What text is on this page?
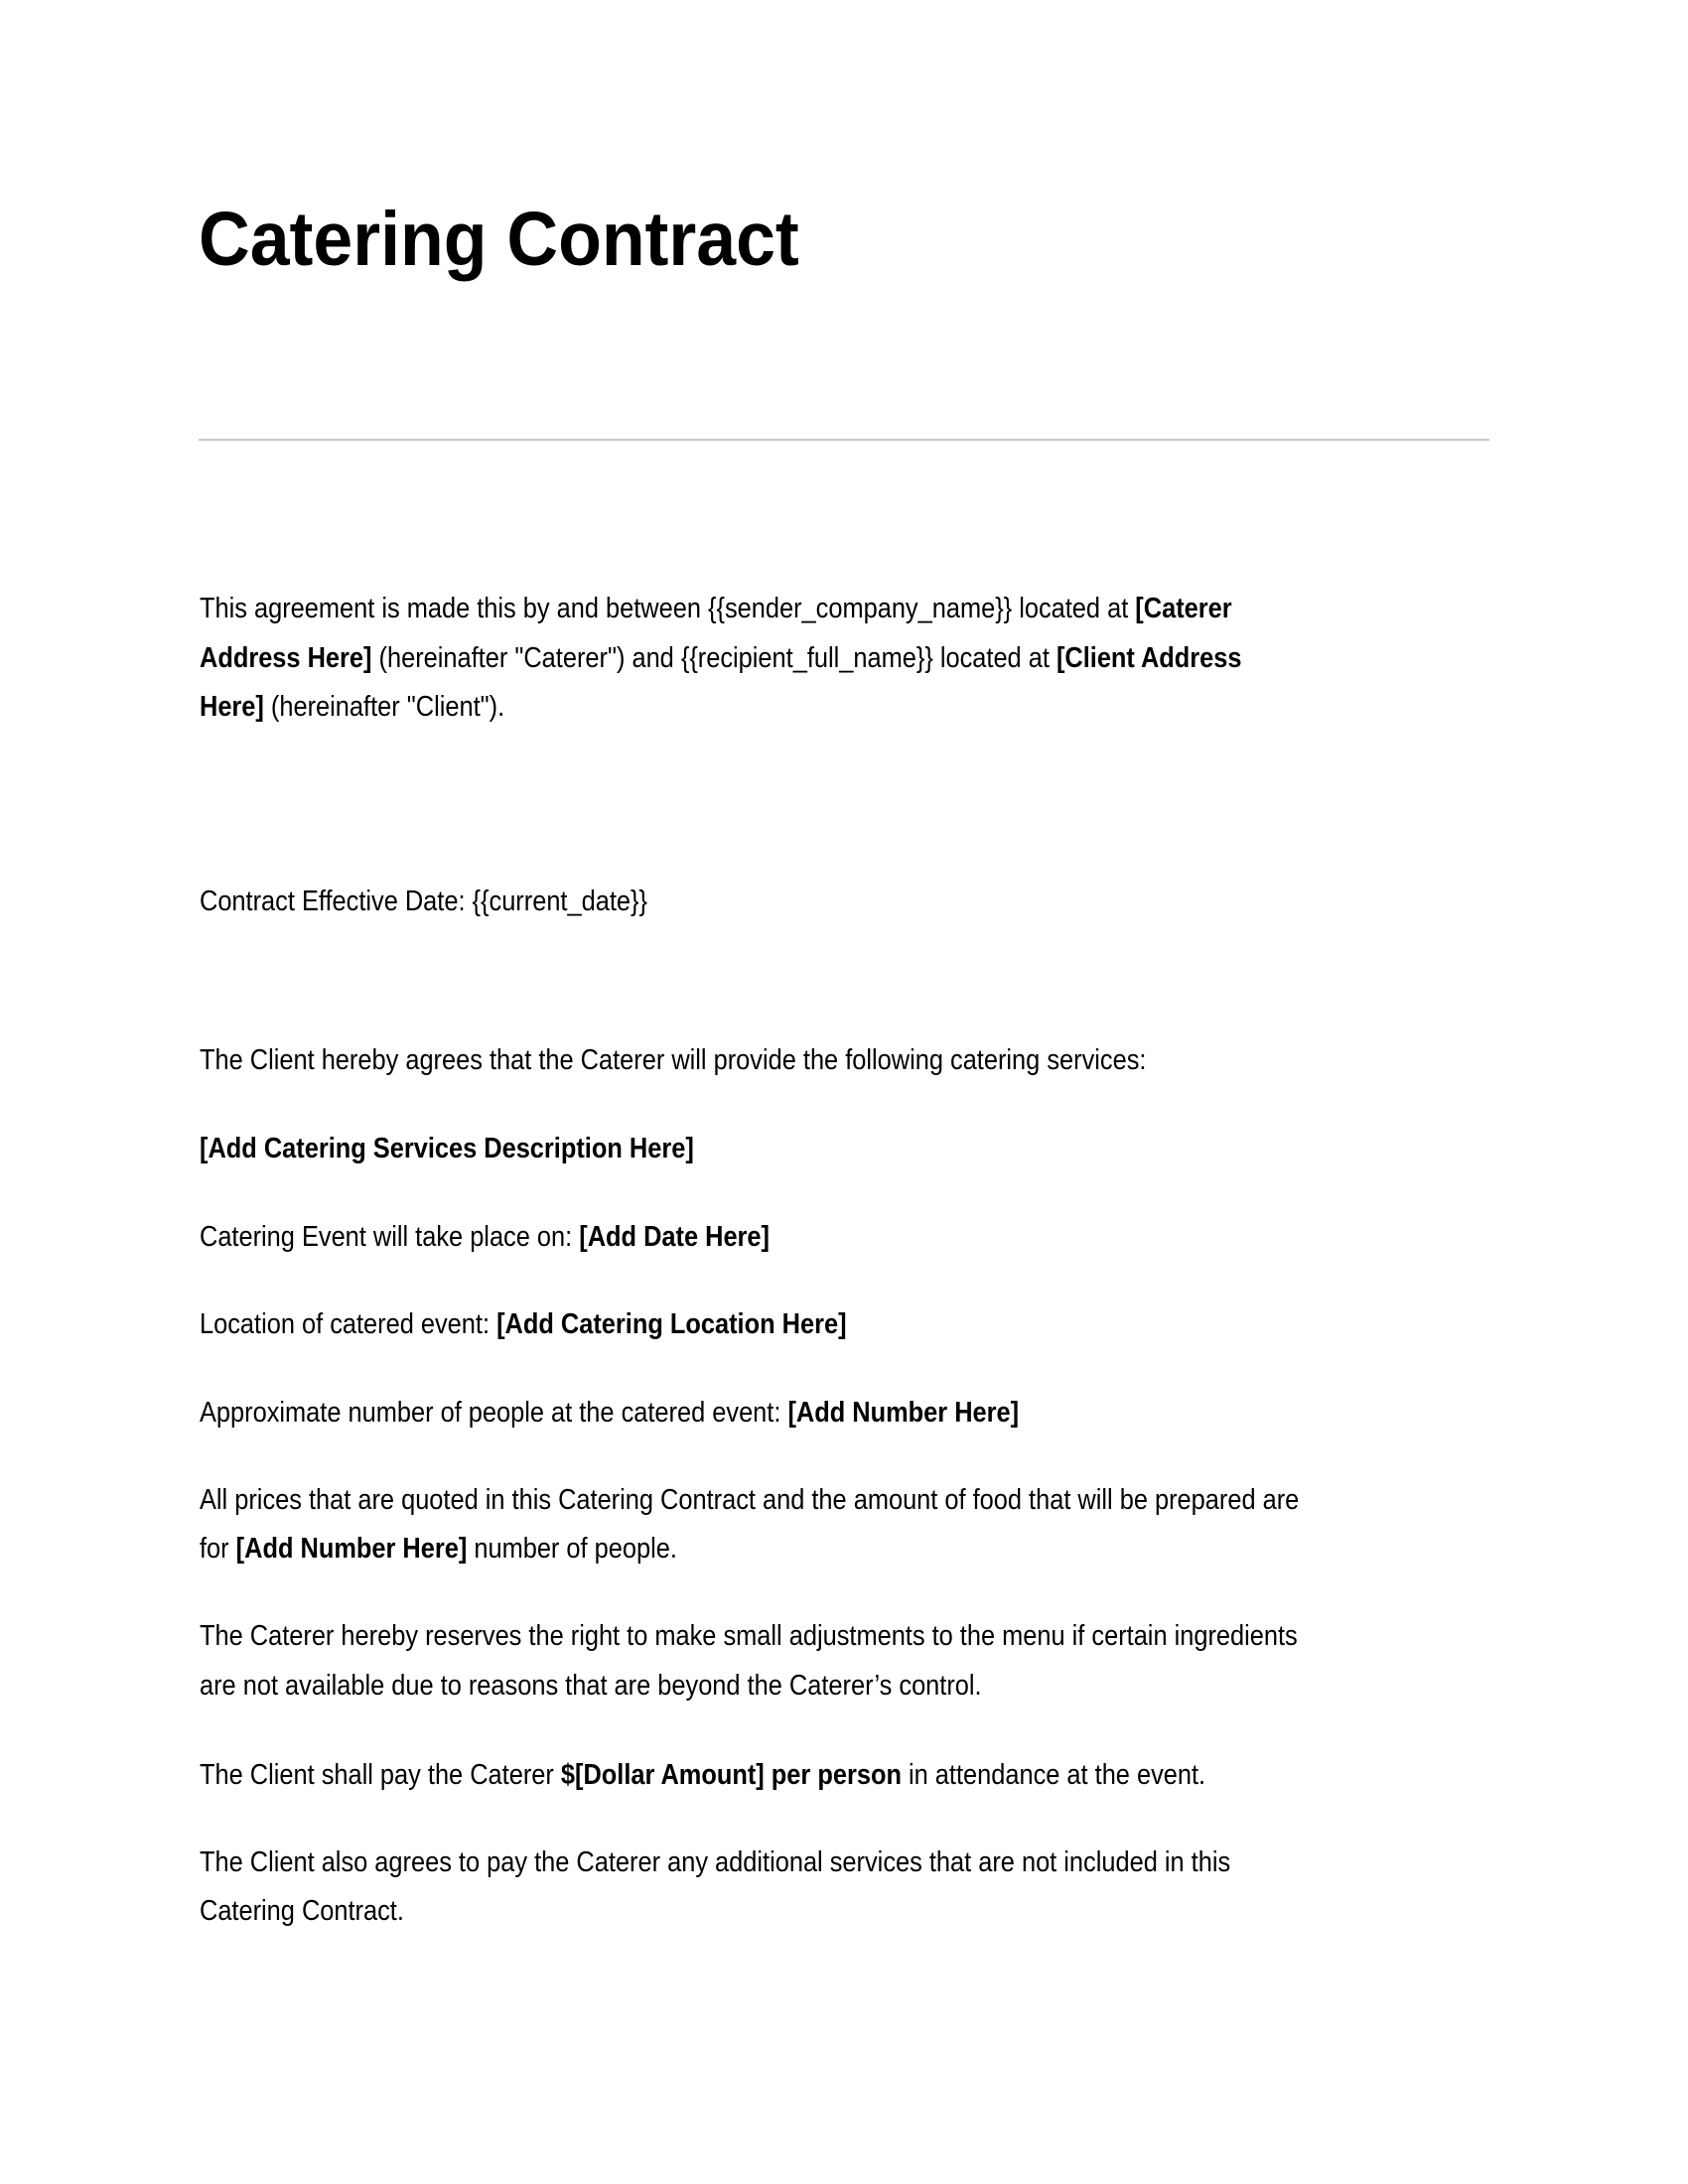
Catering Contract
This agreement is made this by and between {{sender_company_name}} located at [Caterer
Address Here] (hereinafter "Caterer") and {{recipient_full_name}} located at [Client Address
Here] (hereinafter "Client").
Contract Effective Date: {{current_date}}
The Client hereby agrees that the Caterer will provide the following catering services:
[Add Catering Services Description Here]
Catering Event will take place on: [Add Date Here]
Location of catered event: [Add Catering Location Here]
Approximate number of people at the catered event: [Add Number Here]
All prices that are quoted in this Catering Contract and the amount of food that will be prepared are
for [Add Number Here] number of people.
The Caterer hereby reserves the right to make small adjustments to the menu if certain ingredients
are not available due to reasons that are beyond the Caterer’s control.
The Client shall pay the Caterer $[Dollar Amount] per person in attendance at the event.
The Client also agrees to pay the Caterer any additional services that are not included in this
Catering Contract.
